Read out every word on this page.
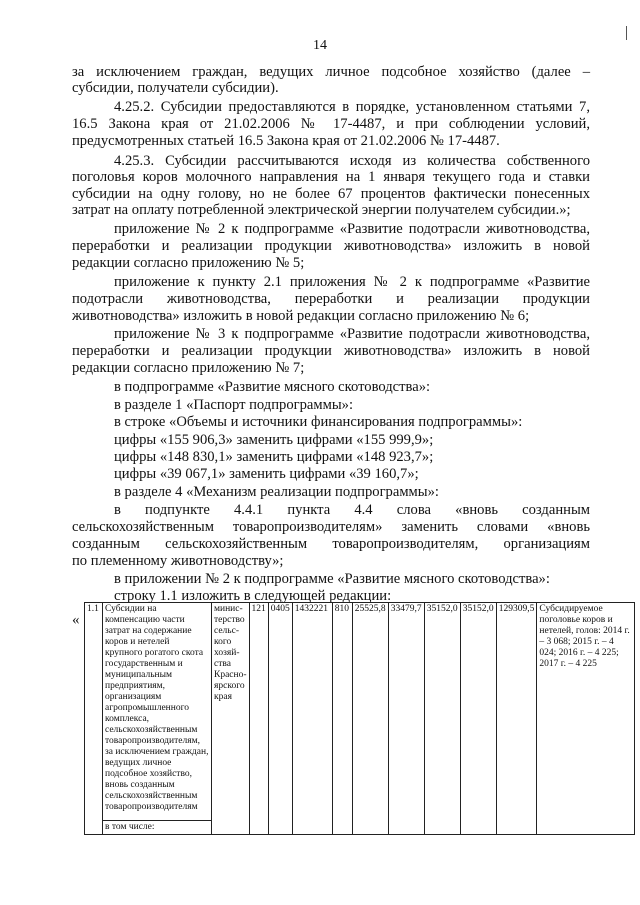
14
за исключением граждан, ведущих личное подсобное хозяйство (далее –
субсидии, получатели субсидии).
4.25.2. Субсидии предоставляются в порядке, установленном статьями 7,
16.5 Закона края от 21.02.2006 № 17-4487, и при соблюдении условий,
предусмотренных статьей 16.5 Закона края от 21.02.2006 № 17-4487.
4.25.3. Субсидии рассчитываются исходя из количества собственного
поголовья коров молочного направления на 1 января текущего года и ставки
субсидии на одну голову, но не более 67 процентов фактически понесенных
затрат на оплату потребленной электрической энергии получателем субсидии.»;
приложение № 2 к подпрограмме «Развитие подотрасли животноводства,
переработки и реализации продукции животноводства» изложить в новой
редакции согласно приложению № 5;
приложение к пункту 2.1 приложения № 2 к подпрограмме «Развитие
подотрасли животноводства, переработки и реализации продукции
животноводства» изложить в новой редакции согласно приложению № 6;
приложение № 3 к подпрограмме «Развитие подотрасли животноводства,
переработки и реализации продукции животноводства» изложить в новой
редакции согласно приложению № 7;
в подпрограмме «Развитие мясного скотоводства»:
в разделе 1 «Паспорт подпрограммы»:
в строке «Объемы и источники финансирования подпрограммы»:
цифры «155 906,3» заменить цифрами «155 999,9»;
цифры «148 830,1» заменить цифрами «148 923,7»;
цифры «39 067,1» заменить цифрами «39 160,7»;
в разделе 4 «Механизм реализации подпрограммы»:
в подпункте 4.4.1 пункта 4.4 слова «вновь созданным
сельскохозяйственным товаропроизводителям» заменить словами «вновь
созданным сельскохозяйственным товаропроизводителям, организациям
по племенному животноводству»;
в приложении № 2 к подпрограмме «Развитие мясного скотоводства»:
строку 1.1 изложить в следующей редакции:
«
1.1	Субсидии на компенсацию части затрат на содержание коров и нетелей крупного рогатого скота государственным и муниципальным предприятиям, организациям агропромышленного комплекса, сельскохозяйственным товаропроизводителям, за исключением граждан, ведущих личное подсобное хозяйство, вновь созданным сельскохозяйственным товаропроизводителям	минис-терство сельс-кого хозяй-ства Красно-ярского края	121	0405	1432221	810	25525,8	33479,7	35152,0	35152,0	129309,5	Субсидируемое поголовье коров и нетелей, голов: 2014 г. – 3 068; 2015 г. – 4 024; 2016 г. – 4 225; 2017 г. – 4 225
в том числе:
